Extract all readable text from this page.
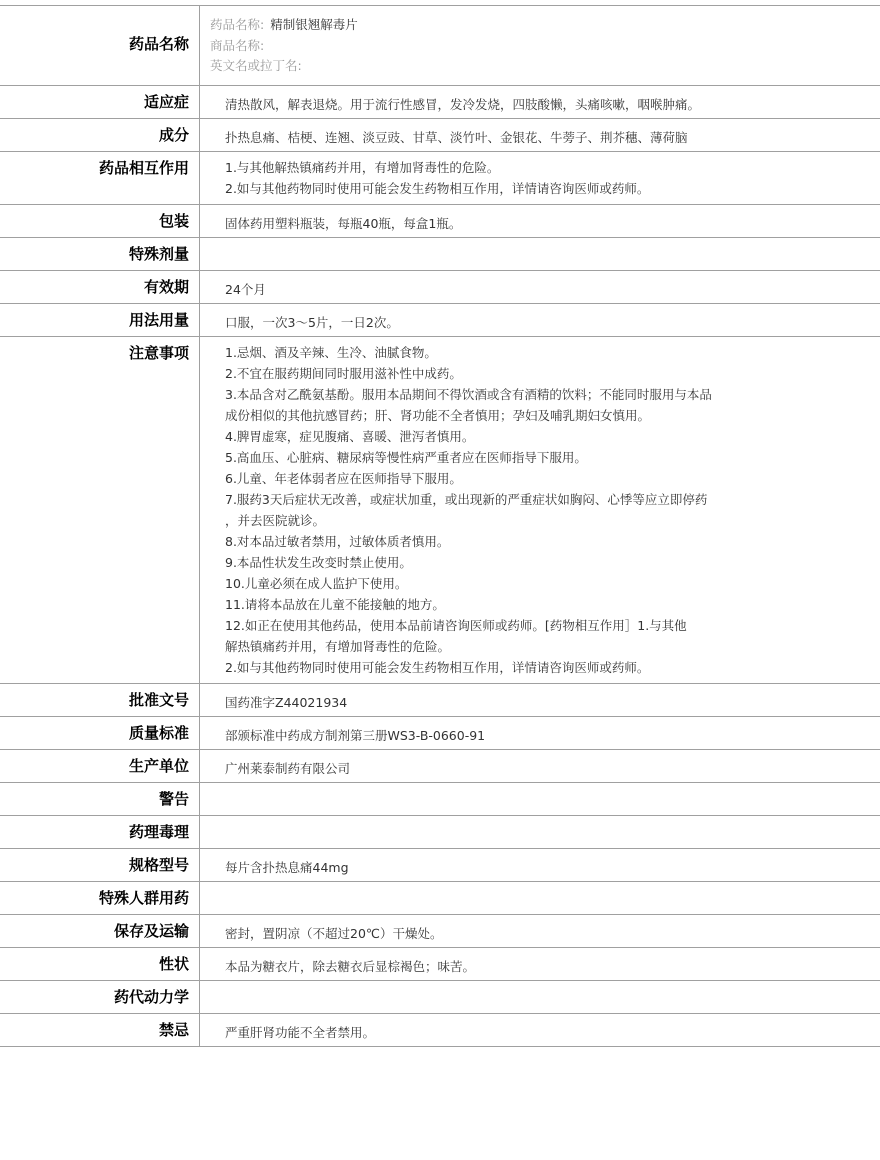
药品名称
药品名称: 精制银翘解毒片
商品名称:
英文名或拉丁名:
适应症	清热散风，解表退烧。用于流行性感冒，发冷发烧，四肢酸懒，头痛咳嗽，咽喉肿痛。
成分	扑热息痛、桔梗、连翘、淡豆豉、甘草、淡竹叶、金银花、牛蒡子、荆芥穗、薄荷脑
药品相互作用	1.与其他解热镇痛药并用，有增加肾毒性的危险。
2.如与其他药物同时使用可能会发生药物相互作用，详情请咨询医师或药师。
包装	固体药用塑料瓶装，每瓶40瓶，每盒1瓶。
特殊剂量
有效期	24个月
用法用量	口服，一次3～5片，一日2次。
注意事项	1.忌烟、酒及辛辣、生冷、油腻食物。
2.不宜在服药期间同时服用滋补性中成药。
3.本品含对乙酰氨基酚。服用本品期间不得饮酒或含有酒精的饮料；不能同时服用与本品
成份相似的其他抗感冒药；肝、肾功能不全者慎用；孕妇及哺乳期妇女慎用。
4.脾胃虚寒，症见腹痛、喜暖、泄泻者慎用。
5.高血压、心脏病、糖尿病等慢性病严重者应在医师指导下服用。
6.儿童、年老体弱者应在医师指导下服用。
7.服药3天后症状无改善，或症状加重，或出现新的严重症状如胸闷、心悸等应立即停药
，并去医院就诊。
8.对本品过敏者禁用，过敏体质者慎用。
9.本品性状发生改变时禁止使用。
10.儿童必须在成人监护下使用。
11.请将本品放在儿童不能接触的地方。
12.如正在使用其他药品，使用本品前请咨询医师或药师。[药物相互作用］1.与其他
解热镇痛药并用，有增加肾毒性的危险。
2.如与其他药物同时使用可能会发生药物相互作用，详情请咨询医师或药师。
批准文号	国药准字Z44021934
质量标准	部颁标准中药成方制剂第三册WS3-B-0660-91
生产单位	广州莱泰制药有限公司
警告
药理毒理
规格型号	每片含扑热息痛44mg
特殊人群用药
保存及运输	密封，置阴凉（不超过20℃）干燥处。
性状	本品为糖衣片，除去糖衣后显棕褐色；味苦。
药代动力学
禁忌	严重肝肾功能不全者禁用。
